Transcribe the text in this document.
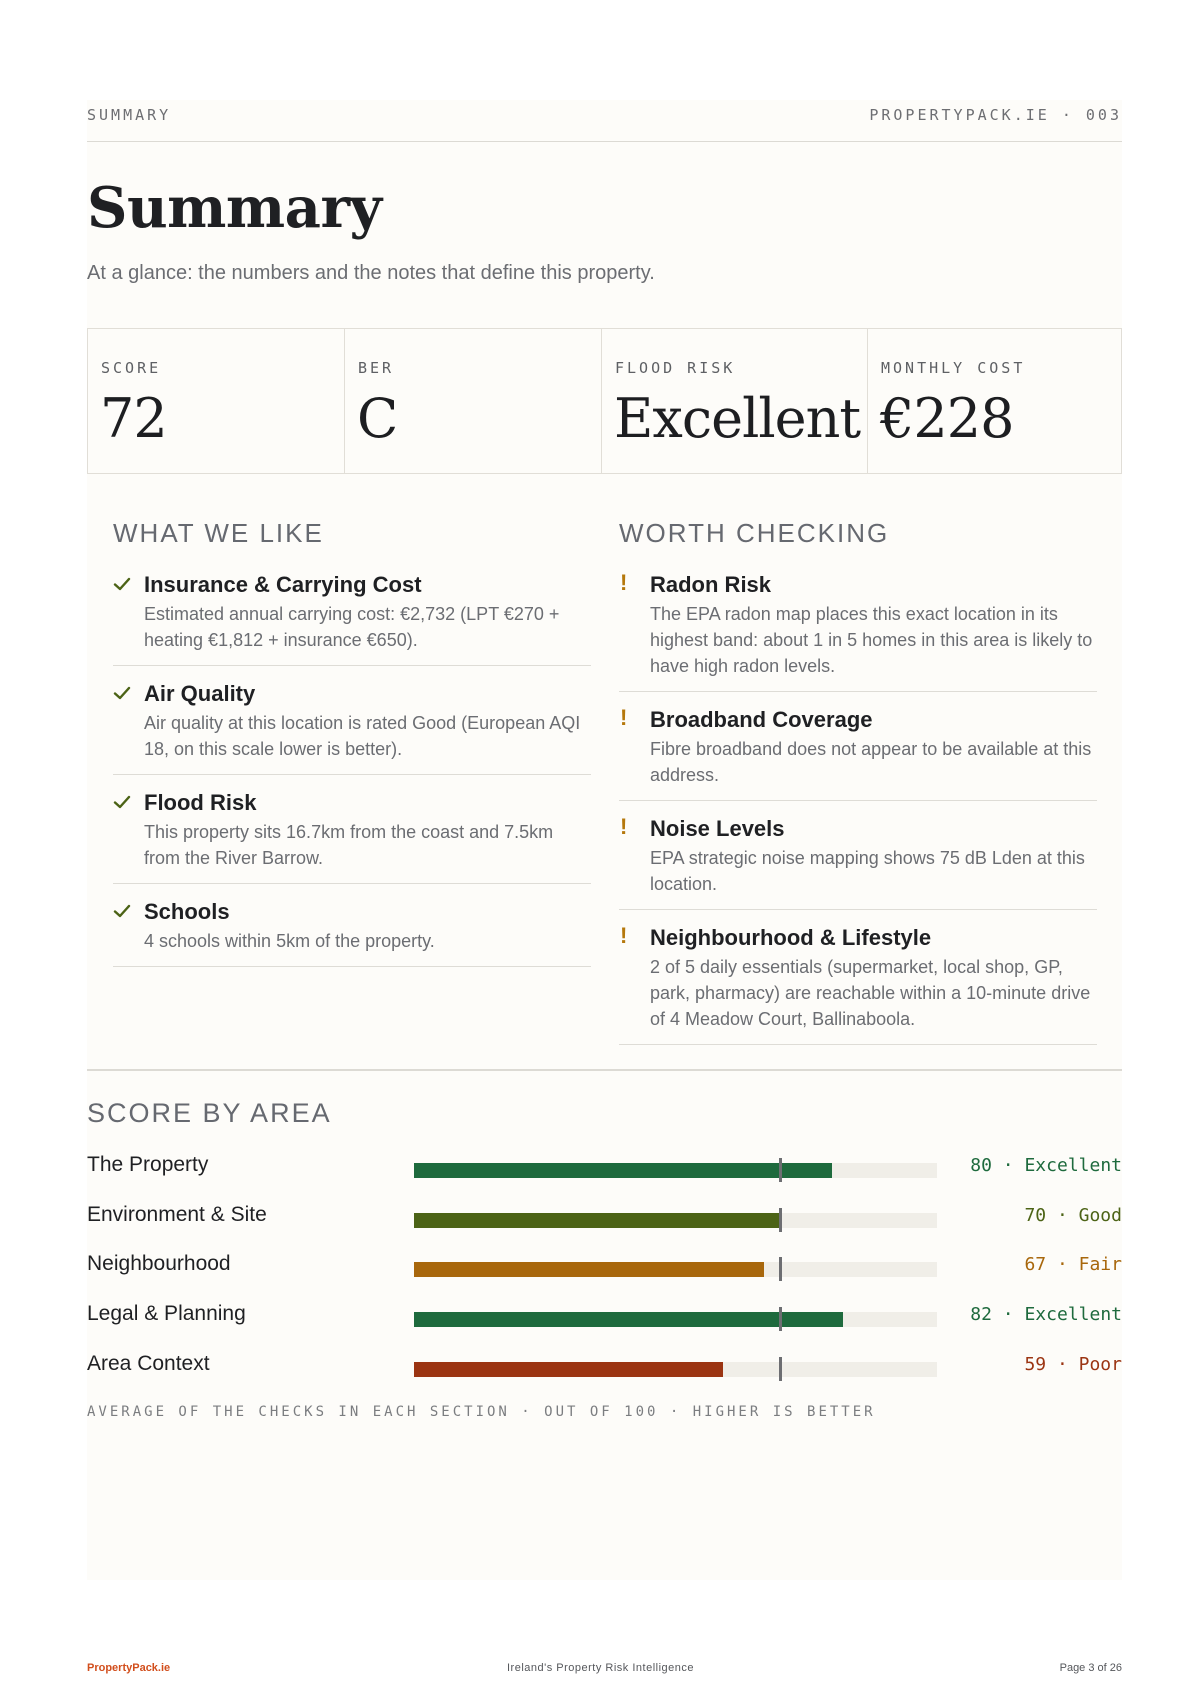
SUMMARY	PROPERTYPACK.IE · 003
Summary
At a glance: the numbers and the notes that define this property.
SCORE
72
BER
C
FLOOD RISK
Excellent
MONTHLY COST
€228
WHAT WE LIKE
Insurance & Carrying Cost
Estimated annual carrying cost: €2,732 (LPT €270 + heating €1,812 + insurance €650).
Air Quality
Air quality at this location is rated Good (European AQI 18, on this scale lower is better).
Flood Risk
This property sits 16.7km from the coast and 7.5km from the River Barrow.
Schools
4 schools within 5km of the property.
WORTH CHECKING
!	Radon Risk
The EPA radon map places this exact location in its highest band: about 1 in 5 homes in this area is likely to have high radon levels.
!	Broadband Coverage
Fibre broadband does not appear to be available at this address.
!	Noise Levels
EPA strategic noise mapping shows 75 dB Lden at this location.
!	Neighbourhood & Lifestyle
2 of 5 daily essentials (supermarket, local shop, GP, park, pharmacy) are reachable within a 10-minute drive of 4 Meadow Court, Ballinaboola.
SCORE BY AREA
The Property	80 · Excellent
Environment & Site	70 · Good
Neighbourhood	67 · Fair
Legal & Planning	82 · Excellent
Area Context	59 · Poor
AVERAGE OF THE CHECKS IN EACH SECTION · OUT OF 100 · HIGHER IS BETTER
PropertyPack.ie	Ireland's Property Risk Intelligence	Page 3 of 26
